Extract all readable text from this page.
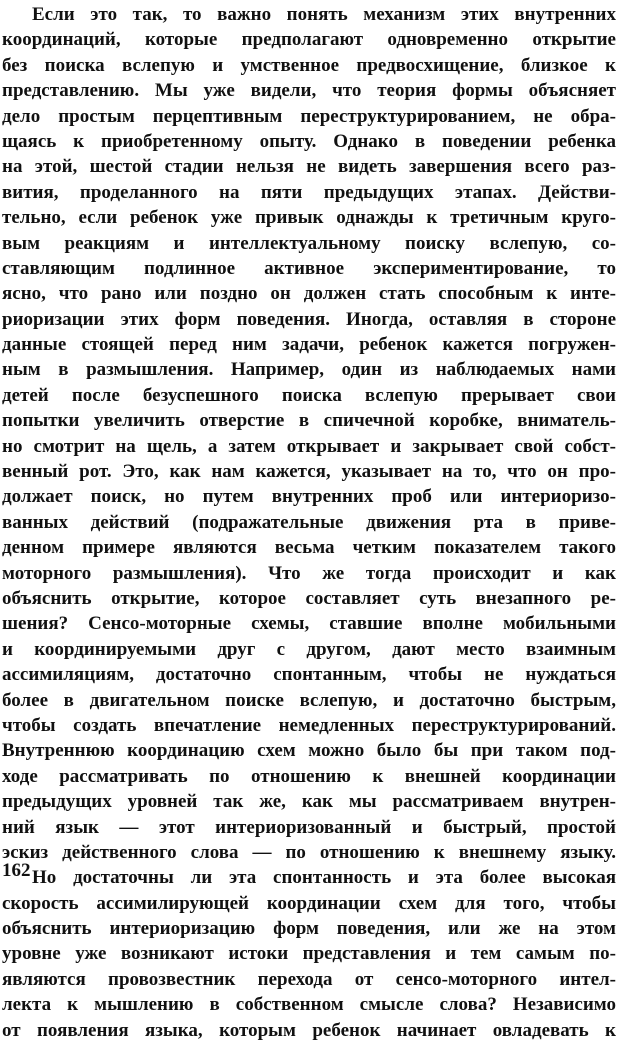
Если это так, то важно понять механизм этих внутренних
координаций, которые предполагают одновременно открытие
без поиска вслепую и умственное предвосхищение, близкое к
представлению. Мы уже видели, что теория формы объясняет
дело простым перцептивным переструктурированием, не обра-
щаясь к приобретенному опыту. Однако в поведении ребенка
на этой, шестой стадии нельзя не видеть завершения всего раз-
вития, проделанного на пяти предыдущих этапах. Действи-
тельно, если ребенок уже привык однажды к третичным круго-
вым реакциям и интеллектуальному поиску вслепую, со-
ставляющим подлинное активное экспериментирование, то
ясно, что рано или поздно он должен стать способным к интe-
риоризации этих форм поведения. Иногда, оставляя в стороне
данные стоящей перед ним задачи, ребенок кажется погружен-
ным в размышления. Например, один из наблюдаемых нами
детей после безуспешного поиска вслепую прерывает свои
попытки увеличить отверстие в спичечной коробке, вниматель-
но смотрит на щель, а затем открывает и закрывает свой собст-
венный рот. Это, как нам кажется, указывает на то, что он про-
должает поиск, но путем внутренних проб или интериоризо-
ванных действий (подражательные движения рта в приве-
денном примере являются весьма четким показателем такого
моторного размышления). Что же тогда происходит и как
объяснить открытие, которое составляет суть внезапного ре-
шения? Сенсо-моторные схемы, ставшие вполне мобильными
и координируемыми друг с другом, дают место взаимным
ассимиляциям, достаточно спонтанным, чтобы не нуждаться
более в двигательном поиске вслепую, и достаточно быстрым,
чтобы создать впечатление немедленных переструктурирований.
Внутреннюю координацию схем можно было бы при таком под-
ходе рассматривать по отношению к внешней координации
предыдущих уровней так же, как мы рассматриваем внутрен-
ний язык — этот интериоризованный и быстрый, простой
эскиз действенного слова — по отношению к внешнему языку.
Но достаточны ли эта спонтанность и эта более высокая
скорость ассимилирующей координации схем для того, чтобы
объяснить интериоризацию форм поведения, или же на этом
уровне уже возникают истоки представления и тем самым по-
являются провозвестник перехода от сенсо-моторного интел-
лекта к мышлению в собственном смысле слова? Независимо
от появления языка, которым ребенок начинает овладевать к
162
